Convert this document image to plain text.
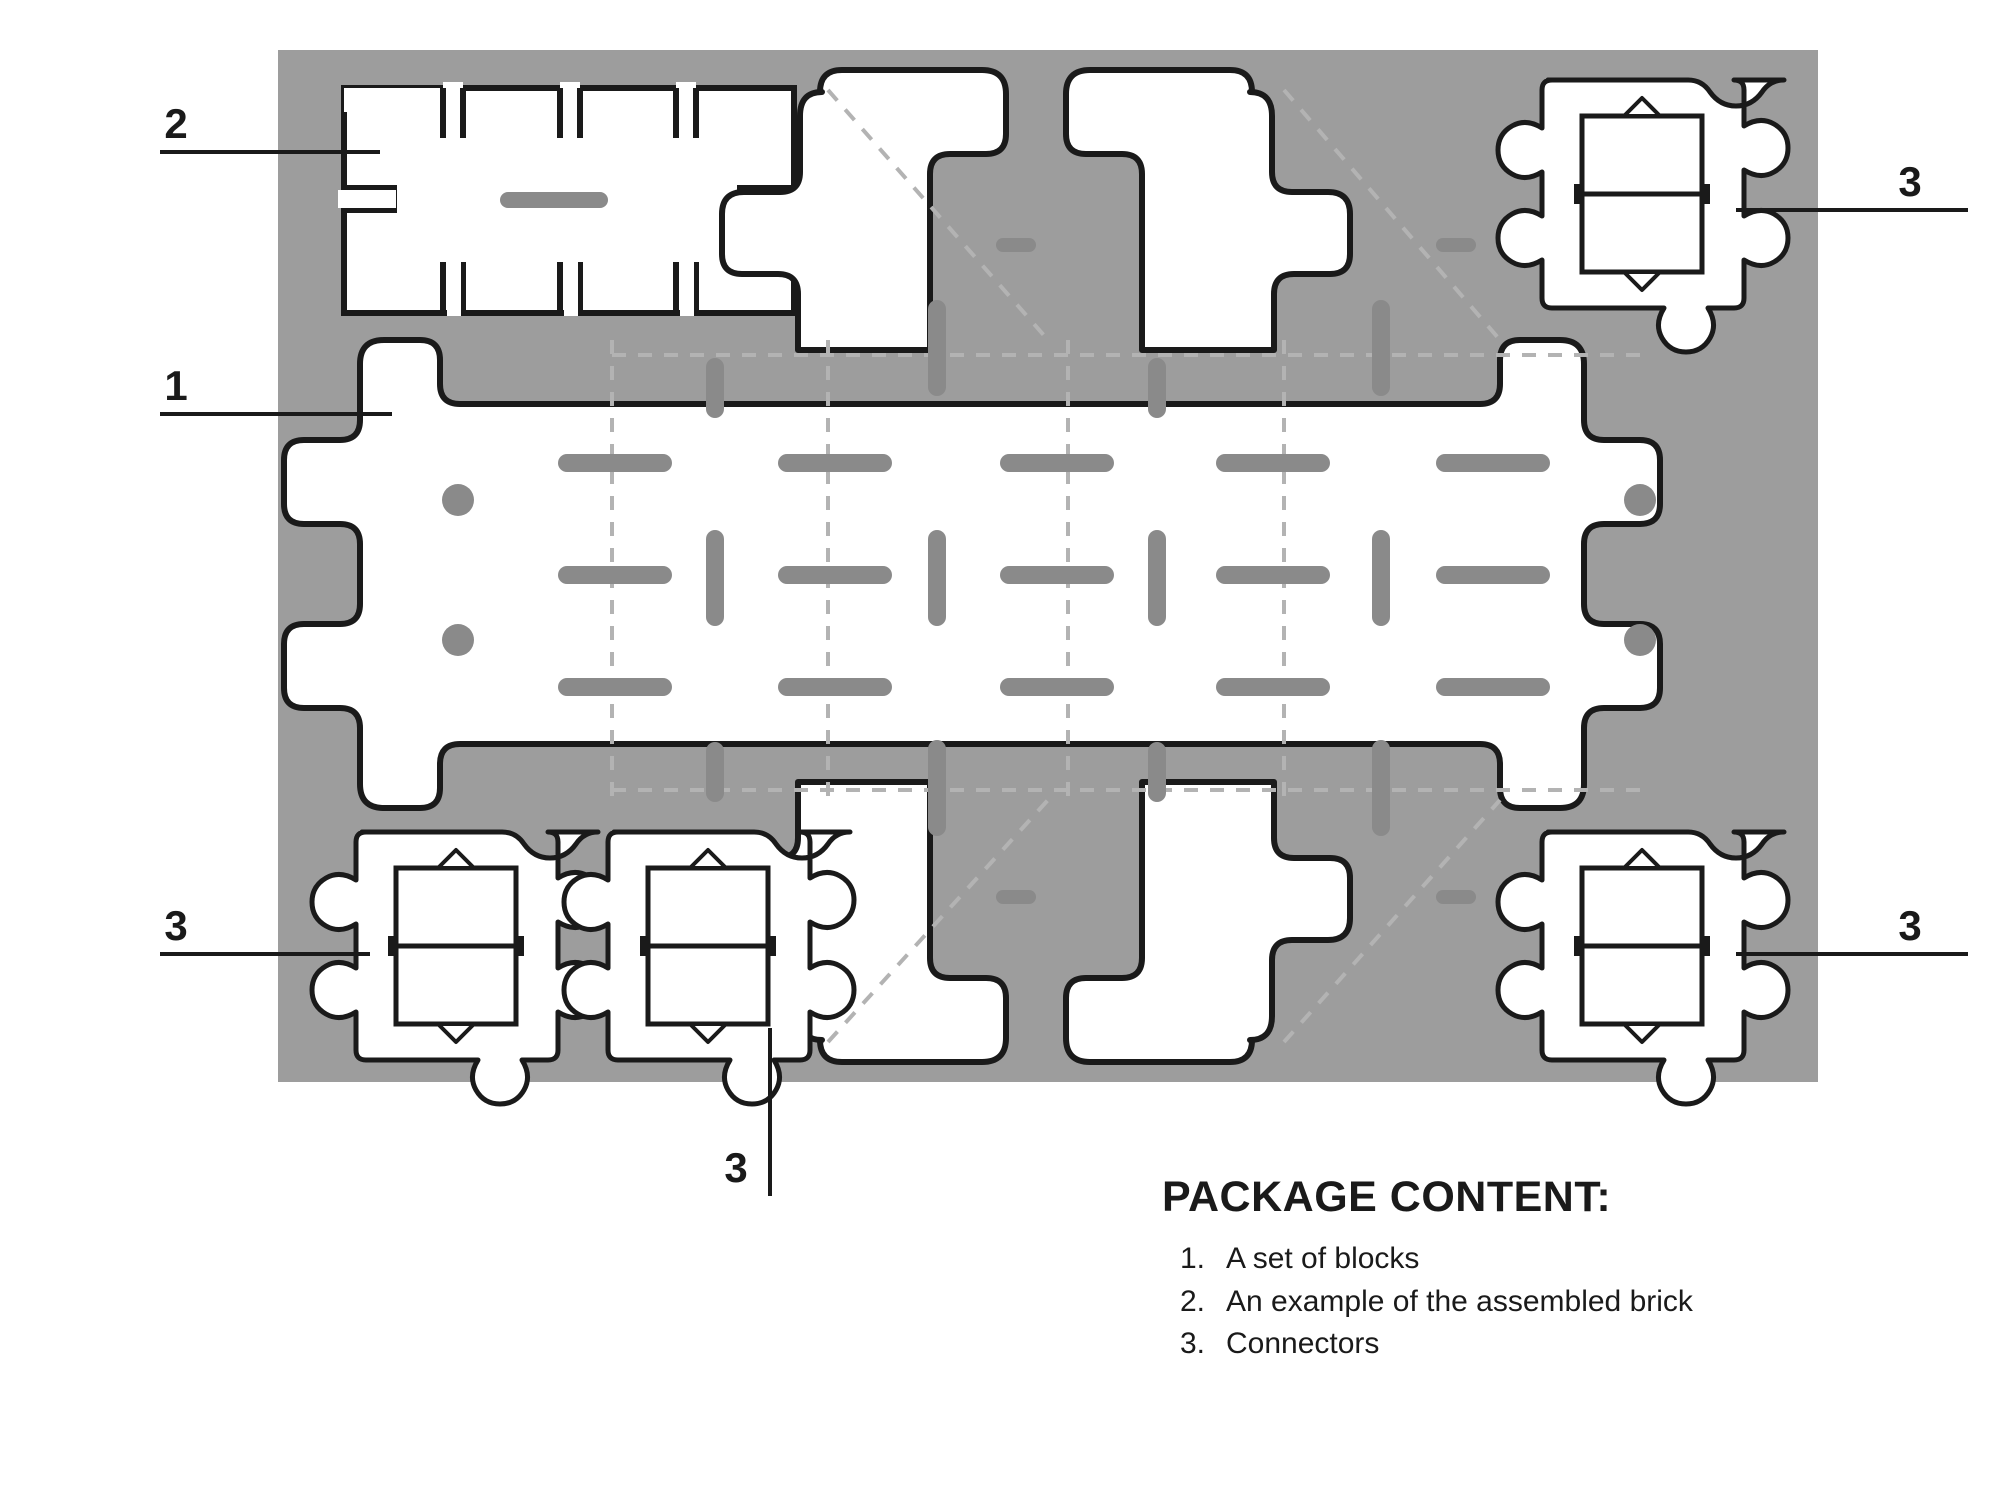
2
1
3
3
3
3
PACKAGE CONTENT:
1. A set of blocks
2. An example of the assembled brick
3. Connectors
